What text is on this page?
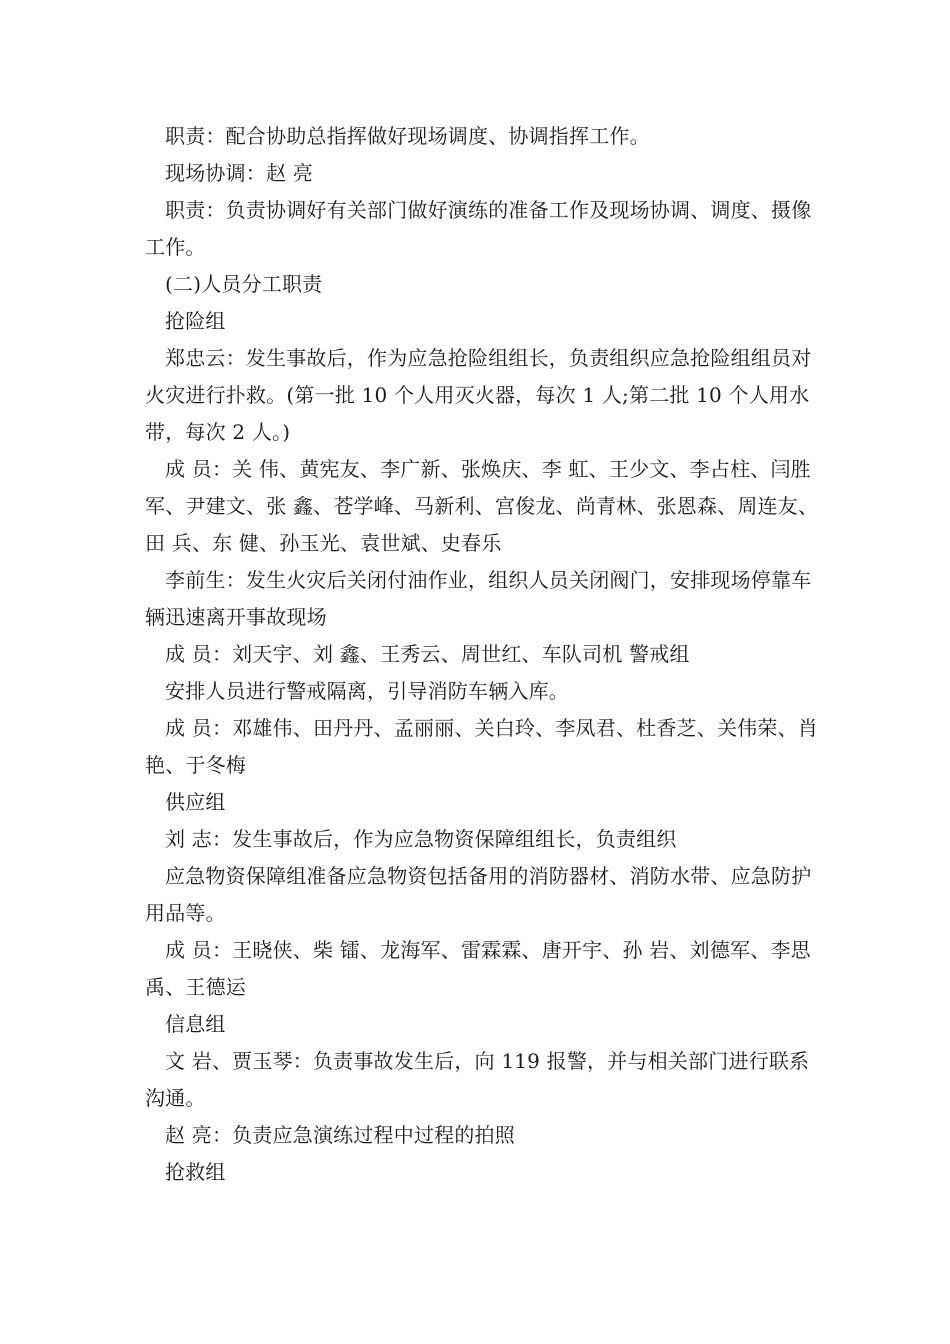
职责：配合协助总指挥做好现场调度、协调指挥工作。

现场协调：赵 亮

职责：负责协调好有关部门做好演练的准备工作及现场协调、调度、摄像工作。

(二)人员分工职责

抢险组

郑忠云：发生事故后，作为应急抢险组组长，负责组织应急抢险组组员对火灾进行扑救。(第一批 10 个人用灭火器，每次 1 人;第二批 10 个人用水带，每次 2 人。)

成 员：关 伟、黄宪友、李广新、张焕庆、李 虹、王少文、李占柱、闫胜军、尹建文、张 鑫、苍学峰、马新利、宫俊龙、尚青林、张恩森、周连友、田 兵、东 健、孙玉光、袁世斌、史春乐

李前生：发生火灾后关闭付油作业，组织人员关闭阀门，安排现场停靠车辆迅速离开事故现场

成 员：刘天宇、刘 鑫、王秀云、周世红、车队司机 警戒组

安排人员进行警戒隔离，引导消防车辆入库。

成 员：邓雄伟、田丹丹、孟丽丽、关白玲、李凤君、杜香芝、关伟荣、肖 艳、于冬梅

供应组

刘 志：发生事故后，作为应急物资保障组组长，负责组织

应急物资保障组准备应急物资包括备用的消防器材、消防水带、应急防护用品等。

成 员：王晓侠、柴 镭、龙海军、雷霖霖、唐开宇、孙 岩、刘德军、李思禹、王德运

信息组

文 岩、贾玉琴：负责事故发生后，向 119 报警，并与相关部门进行联系沟通。

赵 亮：负责应急演练过程中过程的拍照

抢救组
